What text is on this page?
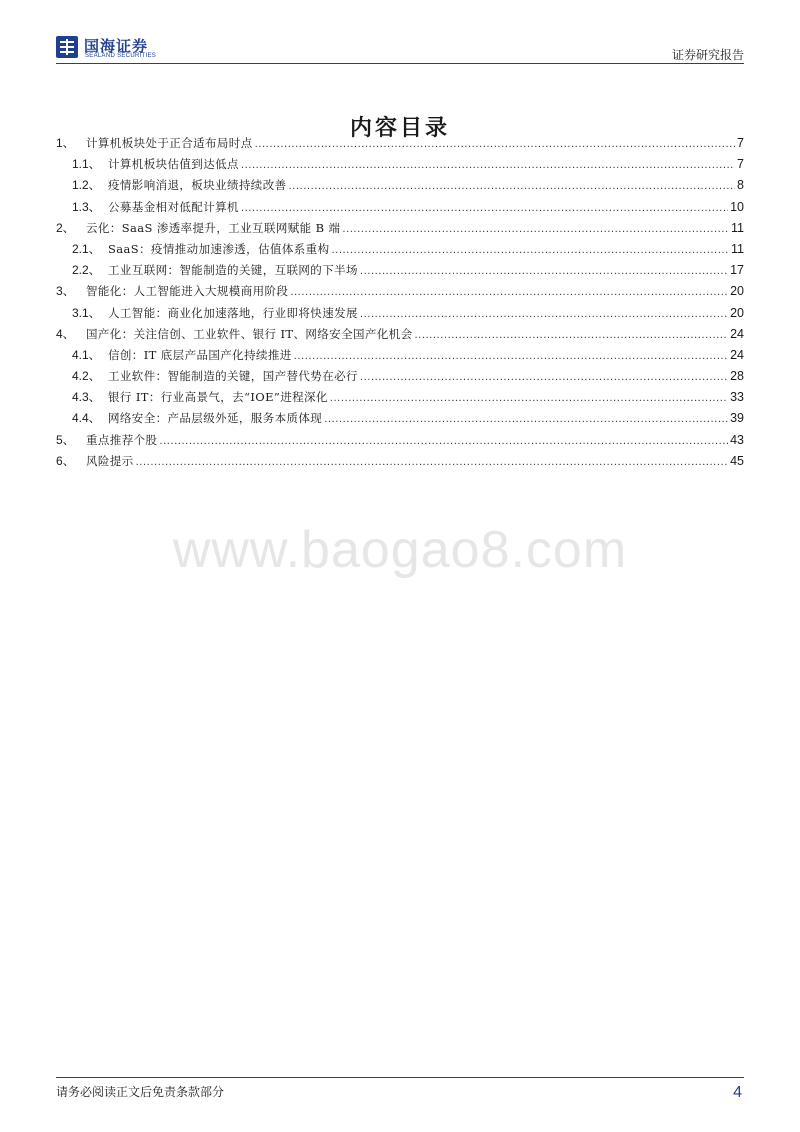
国海证券
SEALAND SECURITIES	证券研究报告
内容目录
1、 计算机板块处于正合适布局时点 .....	7
1.1、 计算机板块估值到达低点 .....	7
1.2、 疫情影响消退，板块业绩持续改善 .....	8
1.3、 公募基金相对低配计算机 .....	10
2、 云化：SaaS 渗透率提升，工业互联网赋能 B 端 .....	11
2.1、 SaaS：疫情推动加速渗透，估值体系重构 .....	11
2.2、 工业互联网：智能制造的关键，互联网的下半场 .....	17
3、 智能化：人工智能进入大规模商用阶段 .....	20
3.1、 人工智能：商业化加速落地，行业即将快速发展 .....	20
4、 国产化：关注信创、工业软件、银行 IT、网络安全国产化机会 .....	24
4.1、 信创：IT 底层产品国产化持续推进 .....	24
4.2、 工业软件：智能制造的关键，国产替代势在必行 .....	28
4.3、 银行 IT：行业高景气，去“IOE”进程深化 .....	33
4.4、 网络安全：产品层级外延，服务本质体现 .....	39
5、 重点推荐个股 .....	43
6、 风险提示 .....	45
www.baogao8.com
请务必阅读正文后免责条款部分	4
